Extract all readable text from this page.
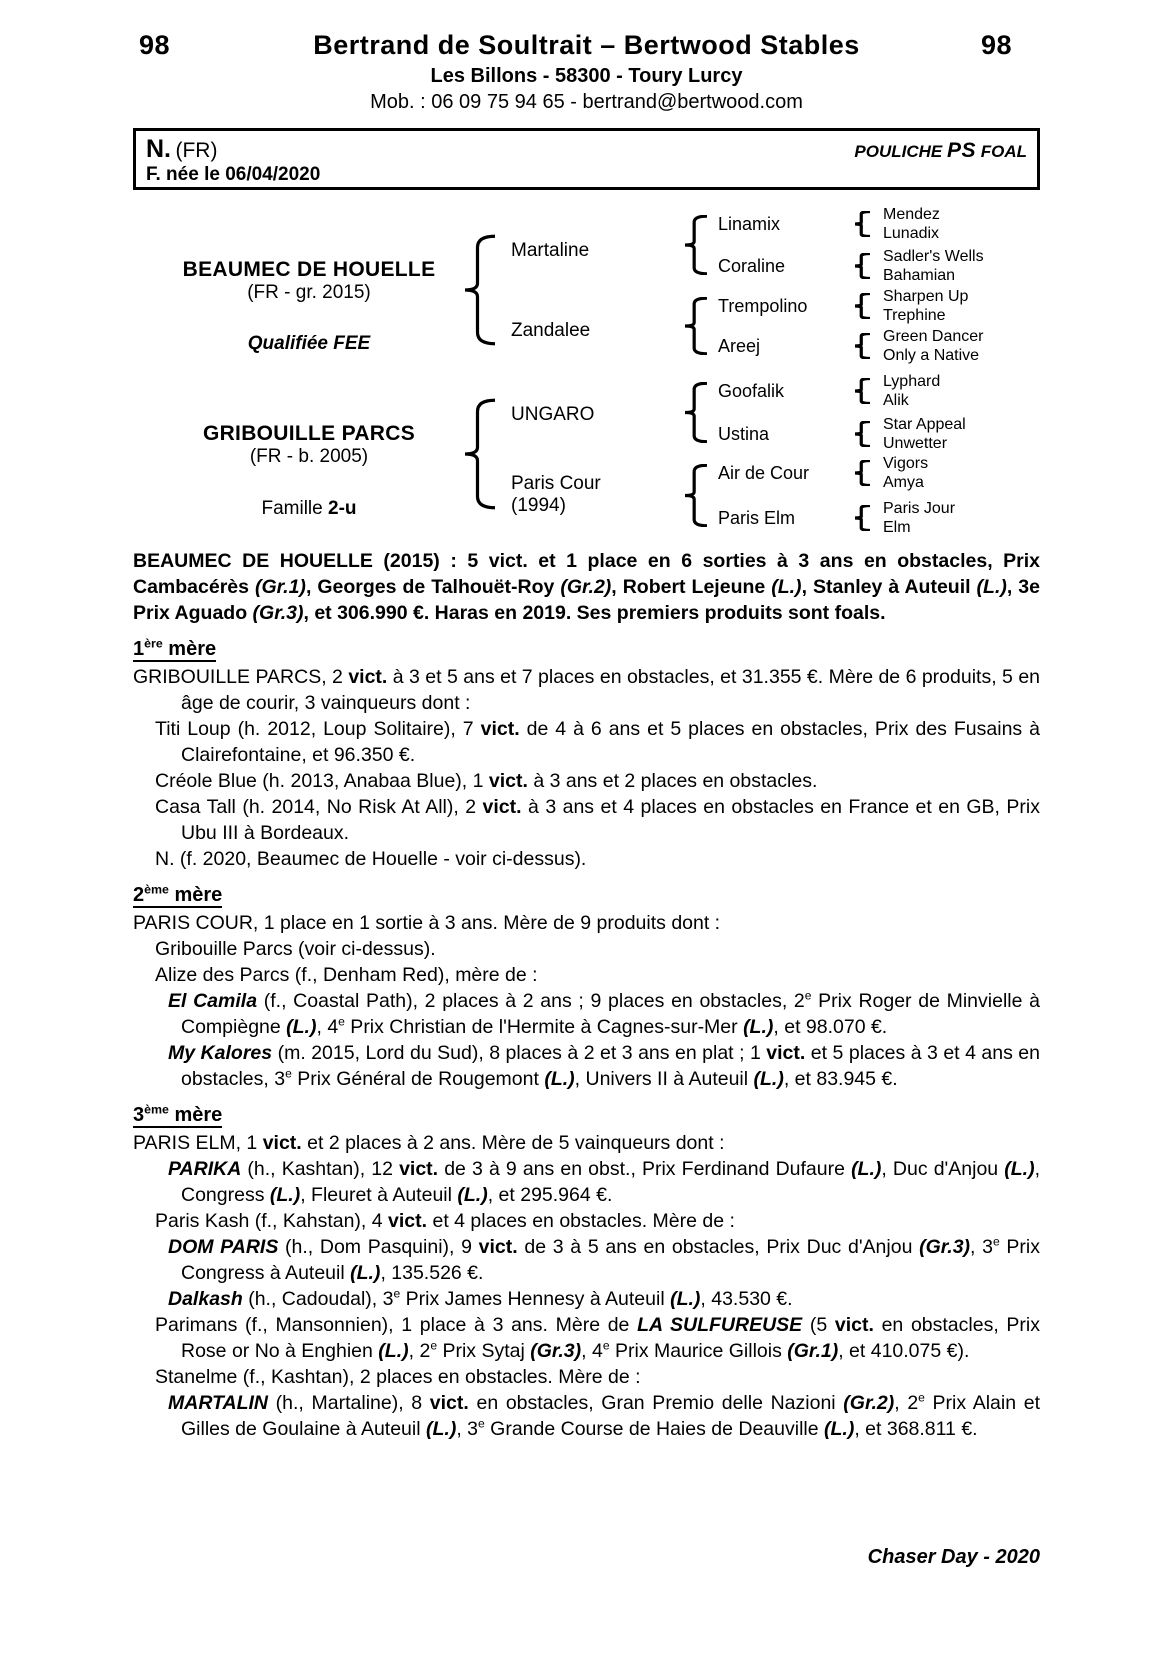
98	Bertrand de Soultrait – Bertwood Stables	98
Les Billons - 58300 - Toury Lurcy
Mob. : 06 09 75 94 65 - bertrand@bertwood.com
N. (FR)	POULICHE PS FOAL
F. née le 06/04/2020
BEAUMEC DE HOUELLE
(FR - gr. 2015)
Qualifiée FEE
GRIBOUILLE PARCS
(FR - b. 2005)
Famille 2-u
Mendez
Lunadix
Sadler's Wells
Bahamian
Sharpen Up
Trephine
Green Dancer
Only a Native
Lyphard
Alik
Star Appeal
Unwetter
Vigors
Amya
Paris Jour
Elm
Linamix
Coraline
Trempolino
Areej
Goofalik
Ustina
Air de Cour
Paris Elm
Martaline
Zandalee
UNGARO
Paris Cour
(1994)

BEAUMEC DE HOUELLE (2015) : 5 vict. et 1 place en 6 sorties à 3 ans en obstacles, Prix Cambacérès (Gr.1), Georges de Talhouët-Roy (Gr.2), Robert Lejeune (L.), Stanley à Auteuil (L.), 3e Prix Aguado (Gr.3), et 306.990 €. Haras en 2019. Ses premiers produits sont foals.

1ère mère

GRIBOUILLE PARCS, 2 vict. à 3 et 5 ans et 7 places en obstacles, et 31.355 €. Mère de 6 produits, 5 en âge de courir, 3 vainqueurs dont :

Titi Loup (h. 2012, Loup Solitaire), 7 vict. de 4 à 6 ans et 5 places en obstacles, Prix des Fusains à Clairefontaine, et 96.350 €.

Créole Blue (h. 2013, Anabaa Blue), 1 vict. à 3 ans et 2 places en obstacles.

Casa Tall (h. 2014, No Risk At All), 2 vict. à 3 ans et 4 places en obstacles en France et en GB, Prix Ubu III à Bordeaux.

N. (f. 2020, Beaumec de Houelle - voir ci-dessus).

2ème mère

PARIS COUR, 1 place en 1 sortie à 3 ans. Mère de 9 produits dont :

Gribouille Parcs (voir ci-dessus).

Alize des Parcs (f., Denham Red), mère de :

El Camila (f., Coastal Path), 2 places à 2 ans ; 9 places en obstacles, 2e Prix Roger de Minvielle à Compiègne (L.), 4e Prix Christian de l'Hermite à Cagnes-sur-Mer (L.), et 98.070 €.

My Kalores (m. 2015, Lord du Sud), 8 places à 2 et 3 ans en plat ; 1 vict. et 5 places à 3 et 4 ans en obstacles, 3e Prix Général de Rougemont (L.), Univers II à Auteuil (L.), et 83.945 €.

3ème mère

PARIS ELM, 1 vict. et 2 places à 2 ans. Mère de 5 vainqueurs dont :

PARIKA (h., Kashtan), 12 vict. de 3 à 9 ans en obst., Prix Ferdinand Dufaure (L.), Duc d'Anjou (L.), Congress (L.), Fleuret à Auteuil (L.), et 295.964 €.

Paris Kash (f., Kahstan), 4 vict. et 4 places en obstacles. Mère de :

DOM PARIS (h., Dom Pasquini), 9 vict. de 3 à 5 ans en obstacles, Prix Duc d'Anjou (Gr.3), 3e Prix Congress à Auteuil (L.), 135.526 €.

Dalkash (h., Cadoudal), 3e Prix James Hennesy à Auteuil (L.), 43.530 €.

Parimans (f., Mansonnien), 1 place à 3 ans. Mère de LA SULFUREUSE (5 vict. en obstacles, Prix Rose or No à Enghien (L.), 2e Prix Sytaj (Gr.3), 4e Prix Maurice Gillois (Gr.1), et 410.075 €).

Stanelme (f., Kashtan), 2 places en obstacles. Mère de :

MARTALIN (h., Martaline), 8 vict. en obstacles, Gran Premio delle Nazioni (Gr.2), 2e Prix Alain et Gilles de Goulaine à Auteuil (L.), 3e Grande Course de Haies de Deauville (L.), et 368.811 €.

Chaser Day - 2020
